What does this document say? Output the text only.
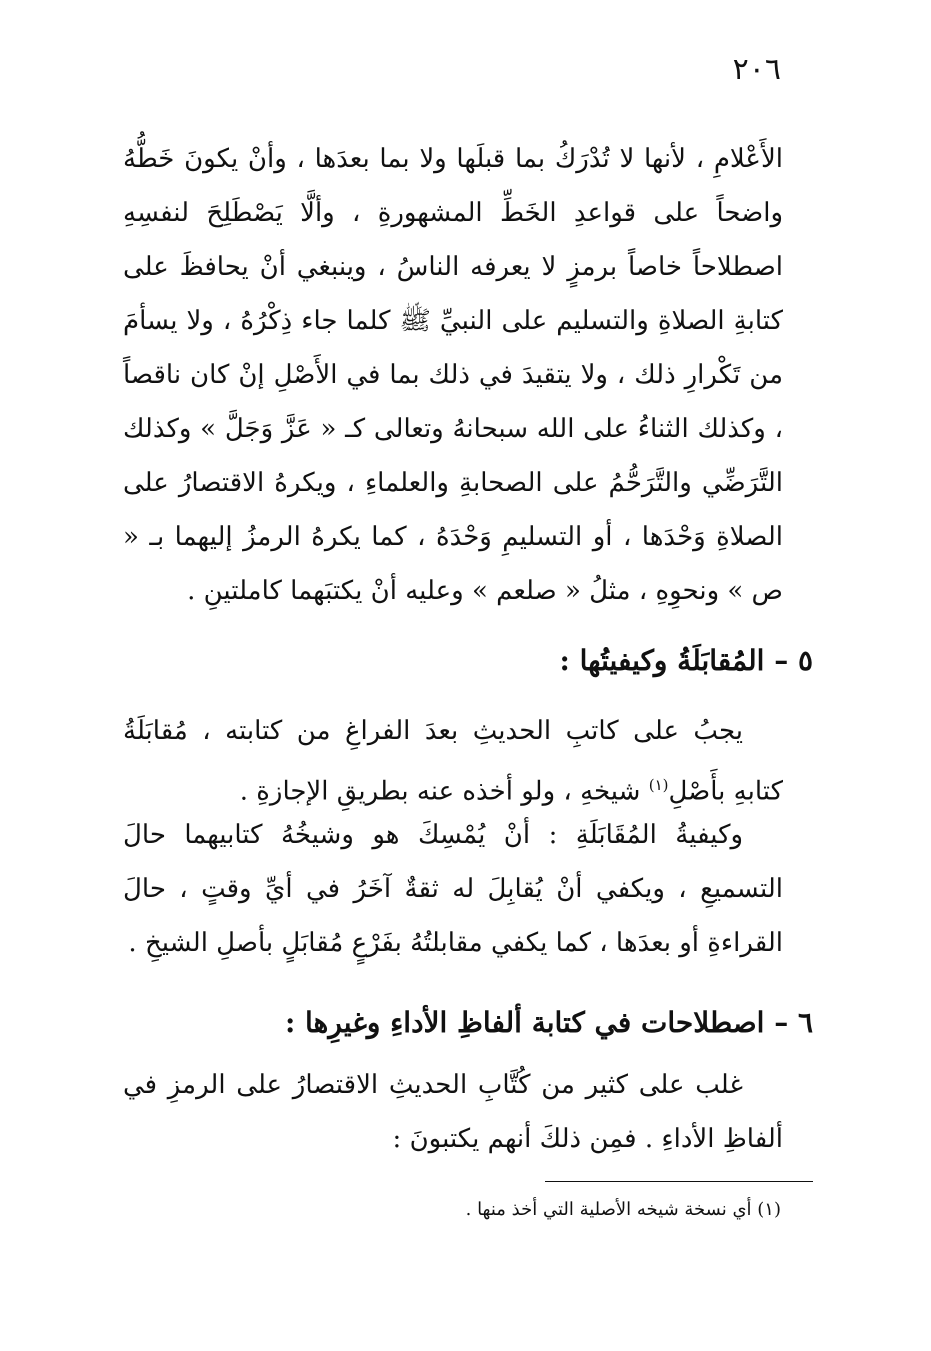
٢٠٦

الأَعْلامِ ، لأنها لا تُدْرَكُ بما قبلَها ولا بما بعدَها ، وأنْ يكونَ خَطُّهُ واضحاً على قواعدِ الخَطِّ المشهورةِ ، وألَّا يَصْطَلِحَ لنفسِهِ اصطلاحاً خاصاً برمزٍ لا يعرفه الناسُ ، وينبغي أنْ يحافظَ على كتابةِ الصلاةِ والتسليم على النبيِّ ﷺ كلما جاء ذِكْرُهُ ، ولا يسأمَ من تَكْرارِ ذلك ، ولا يتقيدَ في ذلك بما في الأَصْلِ إنْ كان ناقصاً ، وكذلك الثناءُ على الله سبحانهُ وتعالى كـ « عَزَّ وَجَلَّ » وكذلك التَّرَضِّي والتَّرَحُّمُ على الصحابةِ والعلماءِ ، ويكرهُ الاقتصارُ على الصلاةِ وَحْدَها ، أو التسليمِ وَحْدَهُ ، كما يكرهُ الرمزُ إليهما بـ « ص » ونحوِهِ ، مثلُ « صلعم » وعليه أنْ يكتبَهما كاملتينِ .

٥ – المُقابَلَةُ وكيفيتُها :

يجبُ على كاتبِ الحديثِ بعدَ الفراغِ من كتابته ، مُقابَلَةُ كتابهِ بأَصْلِ$^{(١)}$ شيخهِ ، ولو أخذه عنه بطريقِ الإجازةِ .

وكيفيةُ المُقَابَلَةِ : أنْ يُمْسِكَ هو وشيخُهُ كتابيهما حالَ التسميعِ ، ويكفي أنْ يُقابِلَ له ثقةٌ آخَرُ في أيِّ وقتٍ ، حالَ القراءةِ أو بعدَها ، كما يكفي مقابلتُهُ بفَرْعٍ مُقابَلٍ بأصلِ الشيخِ .

٦ – اصطلاحات في كتابة ألفاظِ الأداءِ وغيرِها :

غلب على كثير من كُتَّابِ الحديثِ الاقتصارُ على الرمزِ في ألفاظِ الأداءِ . فمِن ذلكَ أنهم يكتبونَ :

(١) أي نسخة شيخه الأصلية التي أخذ منها .
